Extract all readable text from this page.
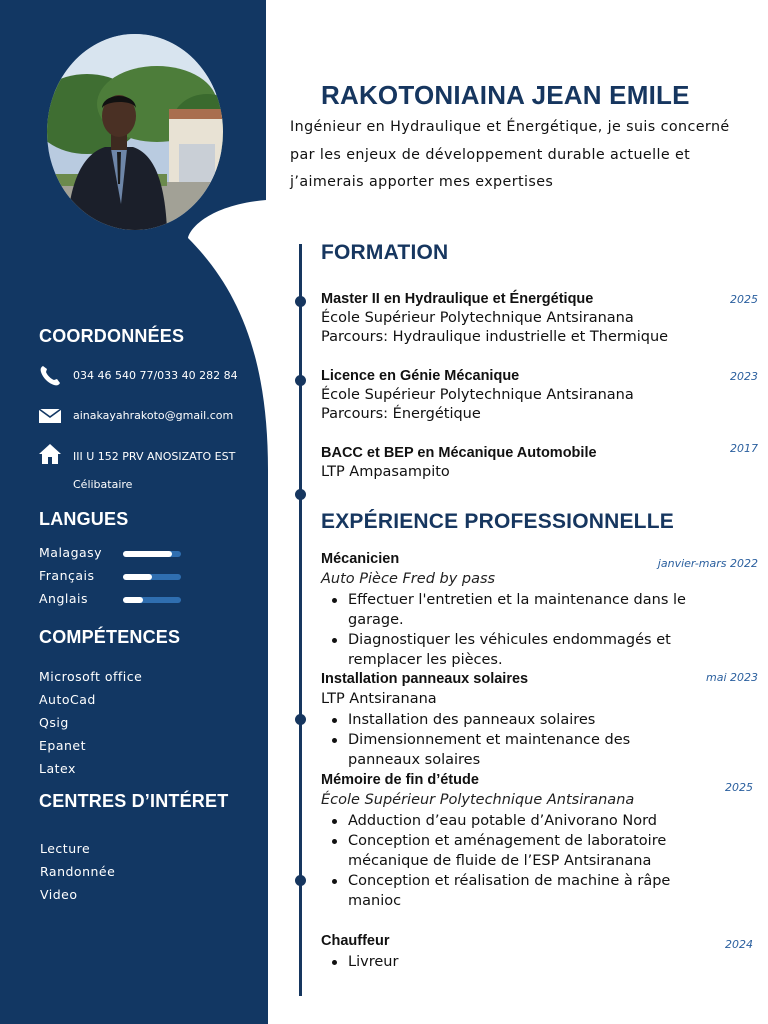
COORDONNÉES
034 46 540 77/033 40 282 84
ainakayahrakoto@gmail.com
III U 152 PRV ANOSIZATO EST
Célibataire
LANGUES
Malagasy
Français
Anglais
COMPÉTENCES
Microsoft office
AutoCad
Qsig
Epanet
Latex
CENTRES D’INTÉRET
Lecture
Randonnée
Video
RAKOTONIAINA JEAN EMILE
Ingénieur en Hydraulique et Énergétique, je suis concerné par les enjeux de développement durable actuelle et j’aimerais apporter mes expertises
FORMATION
Master II en Hydraulique et Énergétique	2025
École Supérieur Polytechnique Antsiranana
Parcours: Hydraulique industrielle et Thermique
Licence en Génie Mécanique	2023
École Supérieur Polytechnique Antsiranana
Parcours: Énergétique
BACC et BEP en Mécanique Automobile	2017
LTP Ampasampito
EXPÉRIENCE PROFESSIONNELLE
Mécanicien	janvier-mars 2022
Auto Pièce Fred by pass
Effectuer l'entretien et la maintenance dans le garage.
Diagnostiquer les véhicules endommagés et remplacer les pièces.
Installation panneaux solaires	mai 2023
LTP Antsiranana
Installation des panneaux solaires
Dimensionnement et maintenance des panneaux solaires
Mémoire de fin d’étude	2025
École Supérieur Polytechnique Antsiranana
Adduction d’eau potable d’Anivorano Nord
Conception et aménagement de laboratoire mécanique de fluide de l’ESP Antsiranana
Conception et réalisation de machine à râpe manioc
Chauffeur	2024
Livreur
